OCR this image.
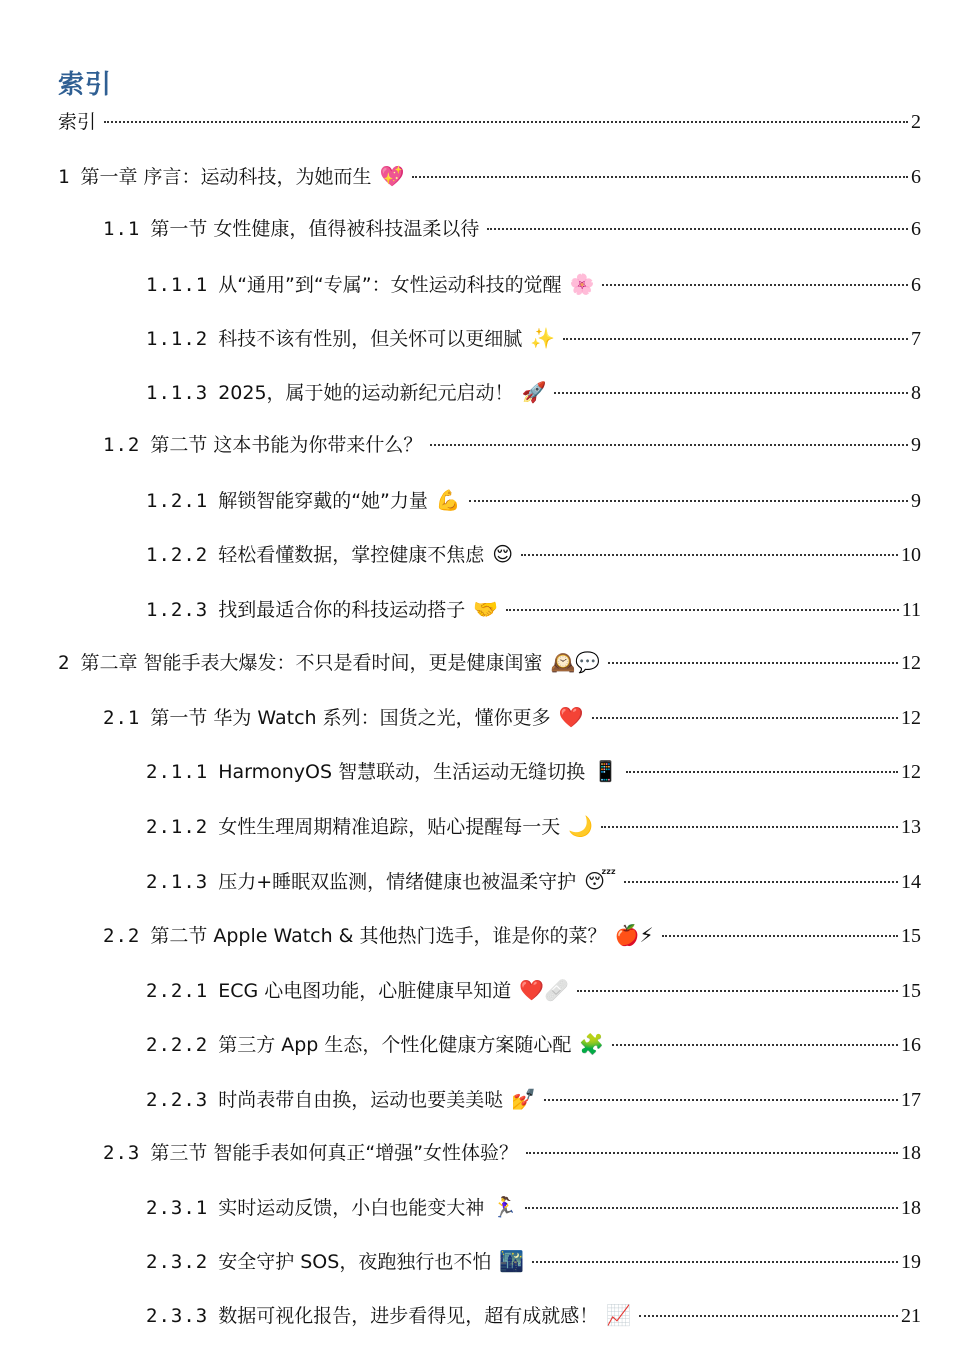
索引
索引	2
1 第一章 序言：运动科技，为她而生 💖	6
1.1 第一节 女性健康，值得被科技温柔以待	6
1.1.1 从“通用”到“专属”：女性运动科技的觉醒 🌸	6
1.1.2 科技不该有性别，但关怀可以更细腻 ✨	7
1.1.3 2025，属于她的运动新纪元启动！ 🚀	8
1.2 第二节 这本书能为你带来什么？	9
1.2.1 解锁智能穿戴的“她”力量 💪	9
1.2.2 轻松看懂数据，掌控健康不焦虑 😌	10
1.2.3 找到最适合你的科技运动搭子 🤝	11
2 第二章 智能手表大爆发：不只是看时间，更是健康闺蜜 🕰️💬	12
2.1 第一节 华为 Watch 系列：国货之光，懂你更多 ❤️	12
2.1.1 HarmonyOS 智慧联动，生活运动无缝切换 📱	12
2.1.2 女性生理周期精准追踪，贴心提醒每一天 🌙	13
2.1.3 压力+睡眠双监测，情绪健康也被温柔守护 😴	14
2.2 第二节 Apple Watch & 其他热门选手，谁是你的菜？ 🍎⚡	15
2.2.1 ECG 心电图功能，心脏健康早知道 ❤️🩹	15
2.2.2 第三方 App 生态，个性化健康方案随心配 🧩	16
2.2.3 时尚表带自由换，运动也要美美哒 💅	17
2.3 第三节 智能手表如何真正“增强”女性体验？	18
2.3.1 实时运动反馈，小白也能变大神 🏃‍♀️	18
2.3.2 安全守护 SOS，夜跑独行也不怕 🌃	19
2.3.3 数据可视化报告，进步看得见，超有成就感！ 📈	21
